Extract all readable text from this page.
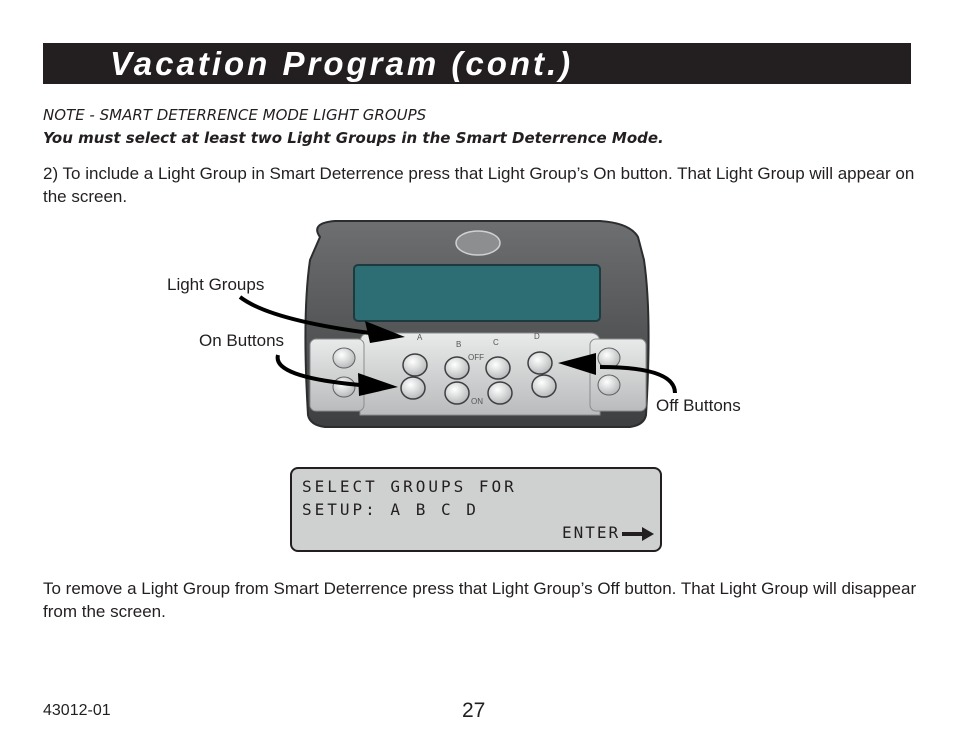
Vacation Program (cont.)
NOTE - SMART DETERRENCE MODE LIGHT GROUPS
You must select at least two Light Groups in the Smart Deterrence Mode.
2) To include a Light Group in Smart Deterrence press that Light Group’s On button. That Light Group will appear on the screen.
A
B	C
D
OFF
ON
Light Groups
On Buttons
Off Buttons
SELECT GROUPS FOR
SETUP: A B C D
ENTER
To remove a Light Group from Smart Deterrence press that Light Group’s Off button. That Light Group will disappear from the screen.
43012-01	27
